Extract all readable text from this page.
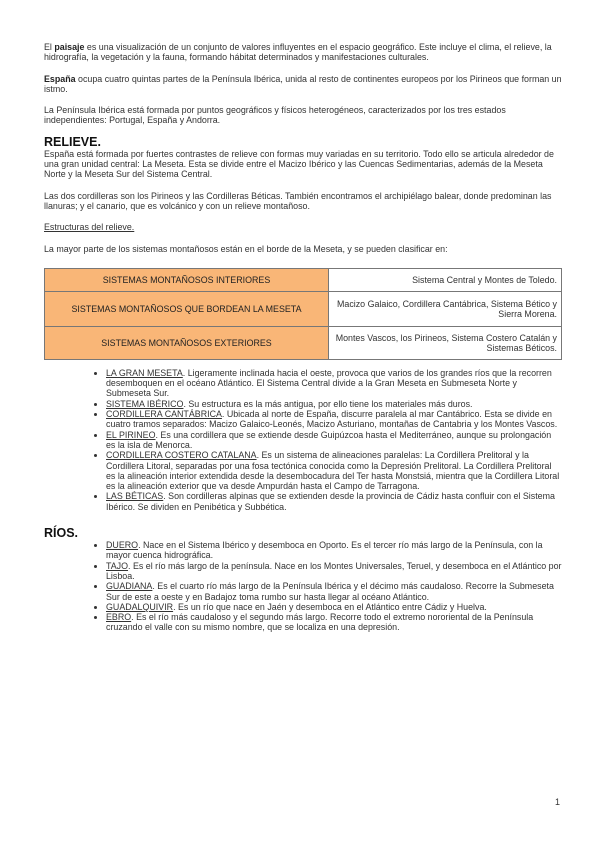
El paisaje es una visualización de un conjunto de valores influyentes en el espacio geográfico. Este incluye el clima, el relieve, la hidrografía, la vegetación y la fauna, formando hábitat determinados y manifestaciones culturales.

España ocupa cuatro quintas partes de la Península Ibérica, unida al resto de continentes europeos por los Pirineos que forman un istmo.

La Península Ibérica está formada por puntos geográficos y físicos heterogéneos, caracterizados por los tres estados independientes: Portugal, España y Andorra.

RELIEVE.

España está formada por fuertes contrastes de relieve con formas muy variadas en su territorio. Todo ello se articula alrededor de una gran unidad central: La Meseta. Esta se divide entre el Macizo Ibérico y las Cuencas Sedimentarias, además de la Meseta Norte y la Meseta Sur del Sistema Central.

Las dos cordilleras son los Pirineos y las Cordilleras Béticas. También encontramos el archipiélago balear, donde predominan las llanuras; y el canario, que es volcánico y con un relieve montañoso.

Estructuras del relieve.

La mayor parte de los sistemas montañosos están en el borde de la Meseta, y se pueden clasificar en:

SISTEMAS MONTAÑOSOS INTERIORES	Sistema Central y Montes de Toledo.
SISTEMAS MONTAÑOSOS QUE BORDEAN LA MESETA	Macizo Galaico, Cordillera Cantábrica, Sistema Bético y Sierra Morena.
SISTEMAS MONTAÑOSOS EXTERIORES	Montes Vascos, los Pirineos, Sistema Costero Catalán y Sistemas Béticos.
• LA GRAN MESETA. Ligeramente inclinada hacia el oeste, provoca que varios de los grandes ríos que la recorren desemboquen en el océano Atlántico. El Sistema Central divide a la Gran Meseta en Submeseta Norte y Submeseta Sur.
• SISTEMA IBÉRICO. Su estructura es la más antigua, por ello tiene los materiales más duros.
• CORDILLERA CANTÁBRICA. Ubicada al norte de España, discurre paralela al mar Cantábrico. Esta se divide en cuatro tramos separados: Macizo Galaico-Leonés, Macizo Asturiano, montañas de Cantabria y los Montes Vascos.
• EL PIRINEO. Es una cordillera que se extiende desde Guipúzcoa hasta el Mediterráneo, aunque su prolongación es la isla de Menorca.
• CORDILLERA COSTERO CATALANA. Es un sistema de alineaciones paralelas: La Cordillera Prelitoral y la Cordillera Litoral, separadas por una fosa tectónica conocida como la Depresión Prelitoral. La Cordillera Prelitoral es la alineación interior extendida desde la desembocadura del Ter hasta Monstsiá, mientra que la Cordillera Litoral es la alineación exterior que va desde Ampurdán hasta el Campo de Tarragona.
• LAS BÉTICAS. Son cordilleras alpinas que se extienden desde la provincia de Cádiz hasta confluir con el Sistema Ibérico. Se dividen en Penibética y Subbética.
RÍOS.
• DUERO. Nace en el Sistema Ibérico y desemboca en Oporto. Es el tercer río más largo de la Península, con la mayor cuenca hidrográfica.
• TAJO. Es el río más largo de la península. Nace en los Montes Universales, Teruel, y desemboca en el Atlántico por Lisboa.
• GUADIANA. Es el cuarto río más largo de la Península Ibérica y el décimo más caudaloso. Recorre la Submeseta Sur de este a oeste y en Badajoz toma rumbo sur hasta llegar al océano Atlántico.
• GUADALQUIVIR. Es un río que nace en Jaén y desemboca en el Atlántico entre Cádiz y Huelva.
• EBRO. Es el río más caudaloso y el segundo más largo. Recorre todo el extremo nororiental de la Península cruzando el valle con su mismo nombre, que se localiza en una depresión.
1
